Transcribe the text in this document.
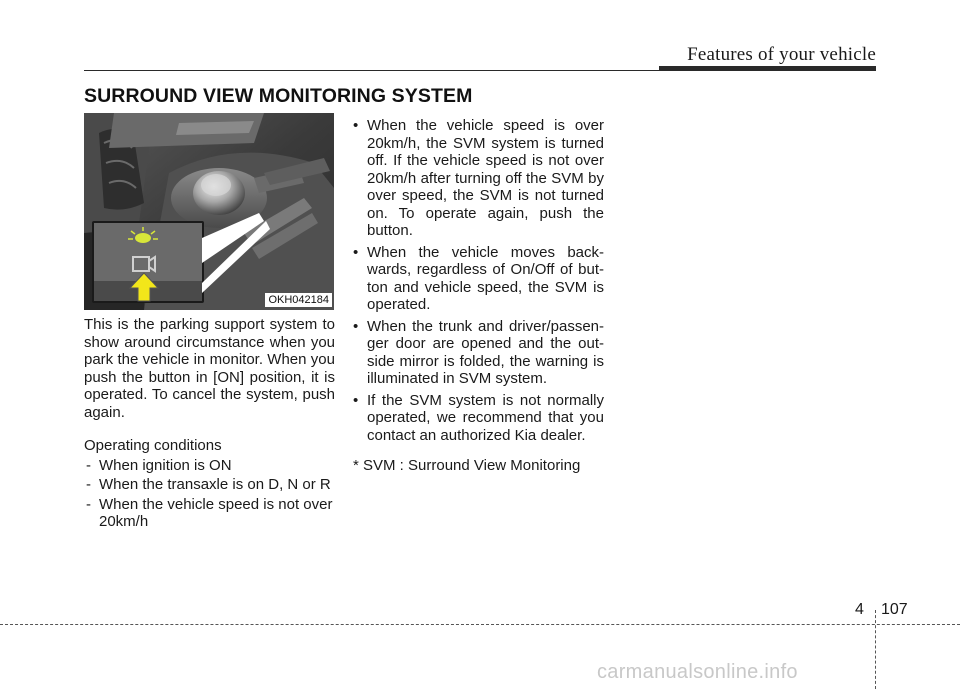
Features of your vehicle
SURROUND VIEW MONITORING SYSTEM
OKH042184

This is the parking support system to show around circumstance when you park the vehicle in monitor. When you push the button in [ON] position, it is operated. To cancel the system, push again.

Operating conditions
- When ignition is ON
- When the transaxle is on D, N or R
- When the vehicle speed is not over 20km/h
• When the vehicle speed is over 20km/h, the SVM system is turned off. If the vehicle speed is not over 20km/h after turning off the SVM by over speed, the SVM is not turned on. To operate again, push the button.
• When the vehicle moves back-wards, regardless of On/Off of but-ton and vehicle speed, the SVM is operated.
• When the trunk and driver/passen-ger door are opened and the out-side mirror is folded, the warning is illuminated in SVM system.
• If the SVM system is not normally operated, we recommend that you contact an authorized Kia dealer.

* SVM : Surround View Monitoring

4 107
carmanualsonline.info
